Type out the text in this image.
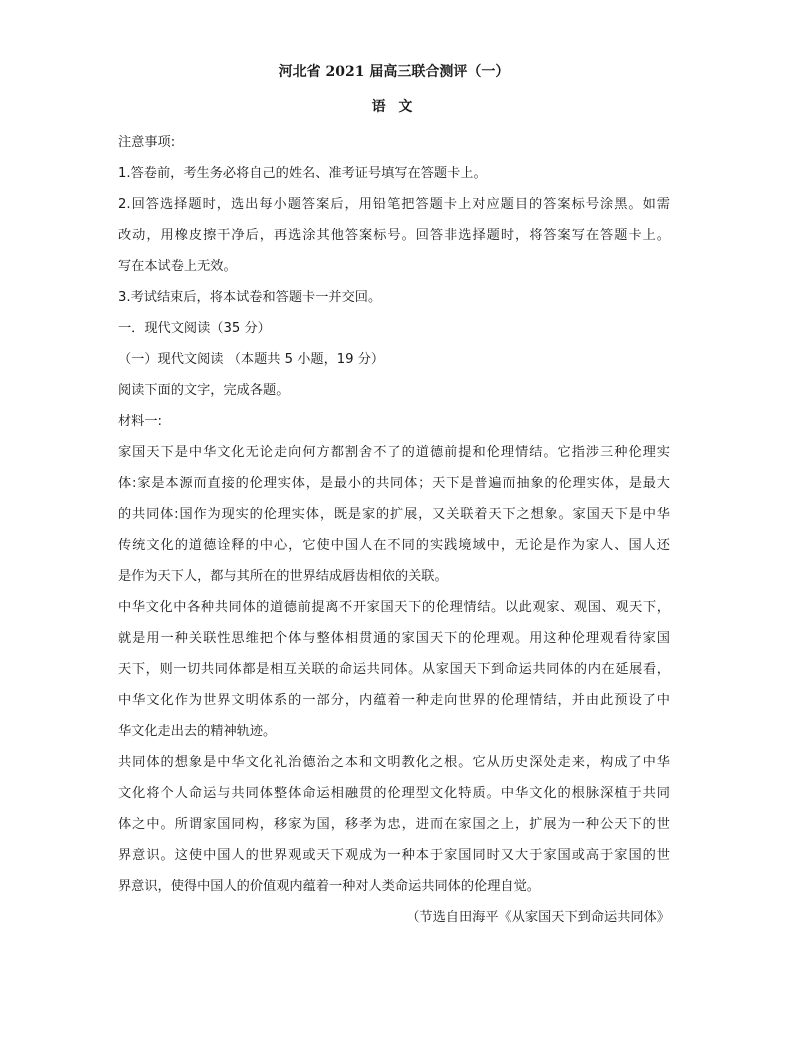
河北省 2021 届高三联合测评（一）
语 文
注意事项:
1.答卷前，考生务必将自己的姓名、准考证号填写在答题卡上。
2.回答选择题时，选出每小题答案后，用铅笔把答题卡上对应题目的答案标号涂黑。如需
改动，用橡皮擦干净后，再选涂其他答案标号。回答非选择题时，将答案写在答题卡上。
写在本试卷上无效。
3.考试结束后，将本试卷和答题卡一并交回。
一．现代文阅读（35 分）
（一）现代文阅读 （本题共 5 小题，19 分）
阅读下面的文字，完成各题。
材料一:
家国天下是中华文化无论走向何方都割舍不了的道德前提和伦理情结。它指涉三种伦理实
体:家是本源而直接的伦理实体，是最小的共同体；天下是普遍而抽象的伦理实体，是最大
的共同体:国作为现实的伦理实体，既是家的扩展，又关联着天下之想象。家国天下是中华
传统文化的道德诠释的中心，它使中国人在不同的实践境域中，无论是作为家人、国人还
是作为天下人，都与其所在的世界结成唇齿相依的关联。
中华文化中各种共同体的道德前提离不开家国天下的伦理情结。以此观家、观国、观天下，
就是用一种关联性思维把个体与整体相贯通的家国天下的伦理观。用这种伦理观看待家国
天下，则一切共同体都是相互关联的命运共同体。从家国天下到命运共同体的内在延展看，
中华文化作为世界文明体系的一部分，内蕴着一种走向世界的伦理情结，并由此预设了中
华文化走出去的精神轨迹。
共同体的想象是中华文化礼治德治之本和文明教化之根。它从历史深处走来，构成了中华
文化将个人命运与共同体整体命运相融贯的伦理型文化特质。中华文化的根脉深植于共同
体之中。所谓家国同构，移家为国，移孝为忠，进而在家国之上，扩展为一种公天下的世
界意识。这使中国人的世界观或天下观成为一种本于家国同时又大于家国或高于家国的世
界意识，使得中国人的价值观内蕴着一种对人类命运共同体的伦理自觉。
（节选自田海平《从家国天下到命运共同体》
